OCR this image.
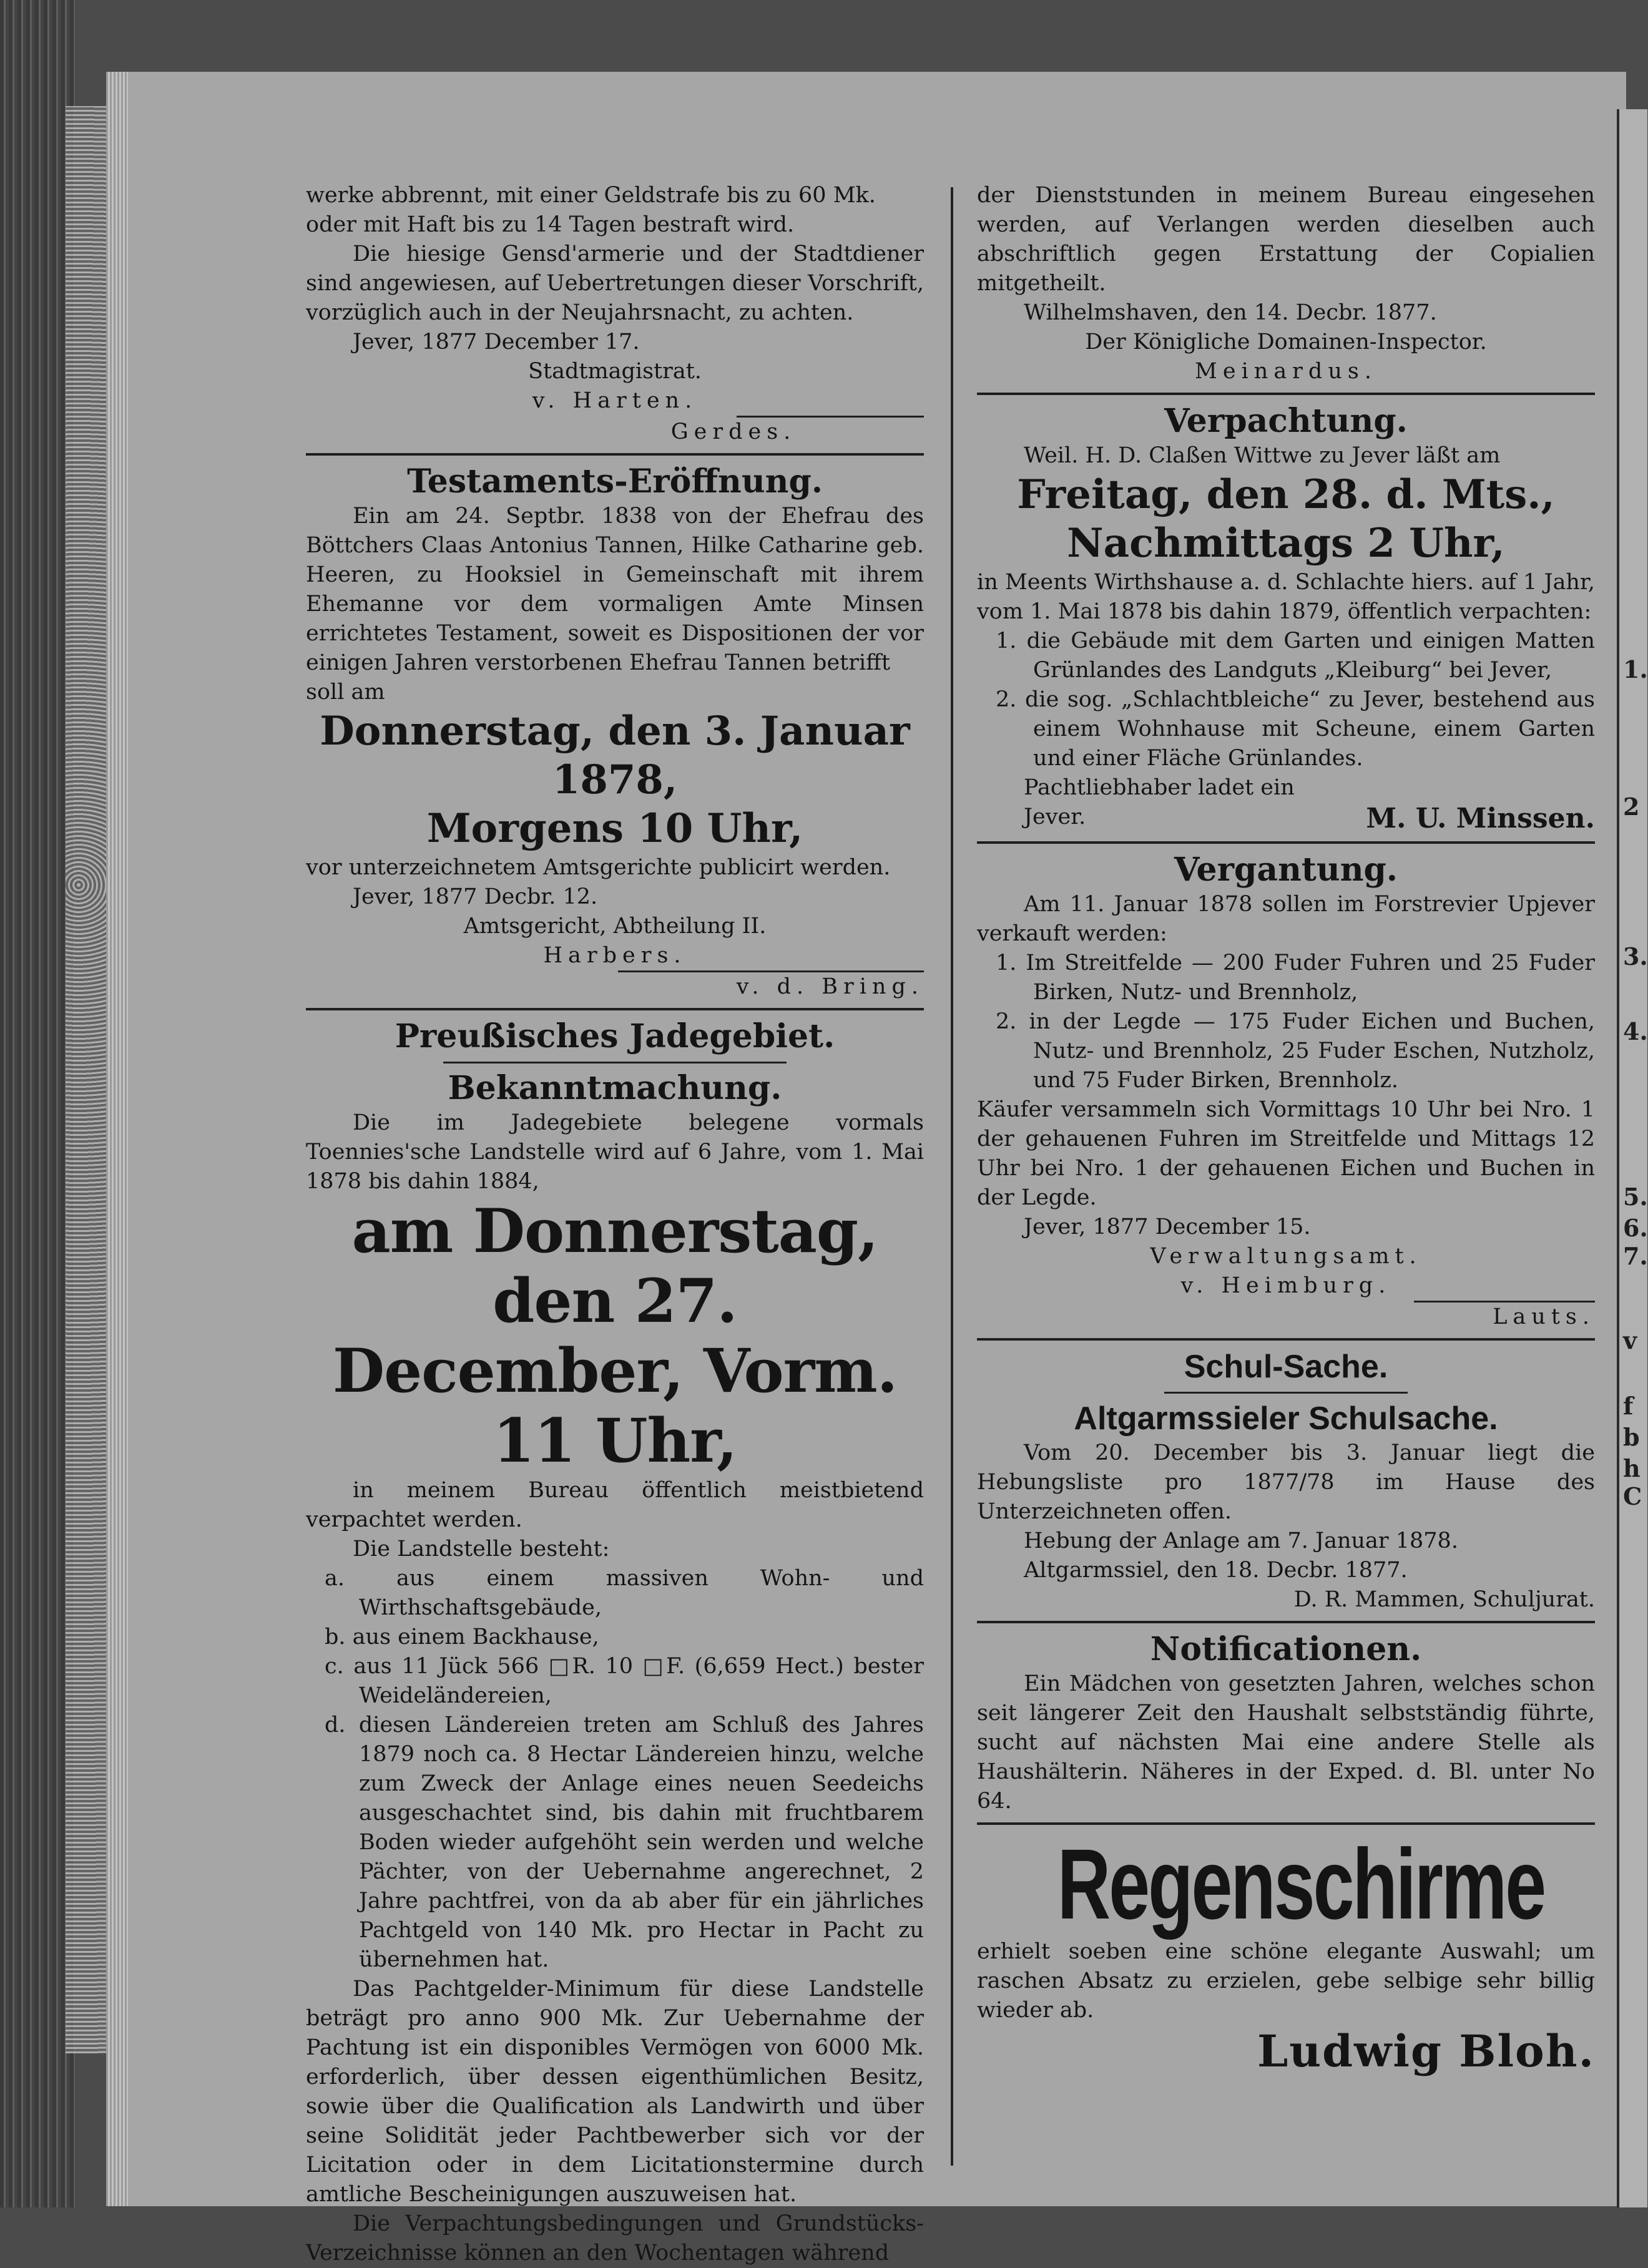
1.
2
3.
4.
5.
6.
7.
v
f
b
h
C

werke abbrennt, mit einer Geldstrafe bis zu 60 Mk.

oder mit Haft bis zu 14 Tagen bestraft wird.

Die hiesige Gensd'armerie und der Stadtdiener sind angewiesen, auf Uebertretungen dieser Vorschrift, vorzüglich auch in der Neujahrsnacht, zu achten.

Jever, 1877 December 17.

Stadtmagistrat.

v. Harten.

Gerdes.

Testaments-Eröffnung.

Ein am 24. Septbr. 1838 von der Ehefrau des Böttchers Claas Antonius Tannen, Hilke Catharine geb. Heeren, zu Hooksiel in Gemeinschaft mit ihrem Ehemanne vor dem vormaligen Amte Minsen errichtetes Testament, soweit es Dispositionen der vor einigen Jahren verstorbenen Ehefrau Tannen betrifft

soll am

Donnerstag, den 3. Januar 1878,

Morgens 10 Uhr,

vor unterzeichnetem Amtsgerichte publicirt werden.

Jever, 1877 Decbr. 12.

Amtsgericht, Abtheilung II.

Harbers.

v. d. Bring.

Preußisches Jadegebiet.

Bekanntmachung.

Die im Jadegebiete belegene vormals Toennies'sche Landstelle wird auf 6 Jahre, vom 1. Mai 1878 bis dahin 1884,

am Donnerstag, den 27.

December, Vorm. 11 Uhr,

in meinem Bureau öffentlich meistbietend verpachtet werden.

Die Landstelle besteht:

a. aus einem massiven Wohn- und Wirthschaftsgebäude,

b. aus einem Backhause,

c. aus 11 Jück 566 □R. 10 □F. (6,659 Hect.) bester Weideländereien,

d. diesen Ländereien treten am Schluß des Jahres 1879 noch ca. 8 Hectar Ländereien hinzu, welche zum Zweck der Anlage eines neuen Seedeichs ausgeschachtet sind, bis dahin mit fruchtbarem Boden wieder aufgehöht sein werden und welche Pächter, von der Uebernahme angerechnet, 2 Jahre pachtfrei, von da ab aber für ein jährliches Pachtgeld von 140 Mk. pro Hectar in Pacht zu übernehmen hat.

Das Pachtgelder-Minimum für diese Landstelle beträgt pro anno 900 Mk. Zur Uebernahme der Pachtung ist ein disponibles Vermögen von 6000 Mk. erforderlich, über dessen eigenthümlichen Besitz, sowie über die Qualification als Landwirth und über seine Solidität jeder Pachtbewerber sich vor der Licitation oder in dem Licitationstermine durch amtliche Bescheinigungen auszuweisen hat.

Die Verpachtungsbedingungen und Grundstücks-Verzeichnisse können an den Wochentagen während

der Dienststunden in meinem Bureau eingesehen werden, auf Verlangen werden dieselben auch abschriftlich gegen Erstattung der Copialien mitgetheilt.

Wilhelmshaven, den 14. Decbr. 1877.

Der Königliche Domainen-Inspector.

Meinardus.

Verpachtung.

Weil. H. D. Claßen Wittwe zu Jever läßt am

Freitag, den 28. d. Mts.,

Nachmittags 2 Uhr,

in Meents Wirthshause a. d. Schlachte hiers. auf 1 Jahr, vom 1. Mai 1878 bis dahin 1879, öffentlich verpachten:

1. die Gebäude mit dem Garten und einigen Matten Grünlandes des Landguts „Kleiburg“ bei Jever,

2. die sog. „Schlachtbleiche“ zu Jever, bestehend aus einem Wohnhause mit Scheune, einem Garten und einer Fläche Grünlandes.

Pachtliebhaber ladet ein

Jever.	M. U. Minssen.

Vergantung.

Am 11. Januar 1878 sollen im Forstrevier Upjever verkauft werden:

1. Im Streitfelde — 200 Fuder Fuhren und 25 Fuder Birken, Nutz- und Brennholz,

2. in der Legde — 175 Fuder Eichen und Buchen, Nutz- und Brennholz, 25 Fuder Eschen, Nutzholz, und 75 Fuder Birken, Brennholz.

Käufer versammeln sich Vormittags 10 Uhr bei Nro. 1 der gehauenen Fuhren im Streitfelde und Mittags 12 Uhr bei Nro. 1 der gehauenen Eichen und Buchen in der Legde.

Jever, 1877 December 15.

Verwaltungsamt.

v. Heimburg.

Lauts.

Schul-Sache.

Altgarmssieler Schulsache.

Vom 20. December bis 3. Januar liegt die Hebungsliste pro 1877/78 im Hause des Unterzeichneten offen.

Hebung der Anlage am 7. Januar 1878.

Altgarmssiel, den 18. Decbr. 1877.

D. R. Mammen, Schuljurat.

Notificationen.

Ein Mädchen von gesetzten Jahren, welches schon seit längerer Zeit den Haushalt selbstständig führte, sucht auf nächsten Mai eine andere Stelle als Haushälterin. Näheres in der Exped. d. Bl. unter No 64.

Regenschirme

erhielt soeben eine schöne elegante Auswahl; um raschen Absatz zu erzielen, gebe selbige sehr billig wieder ab.

Ludwig Bloh.
